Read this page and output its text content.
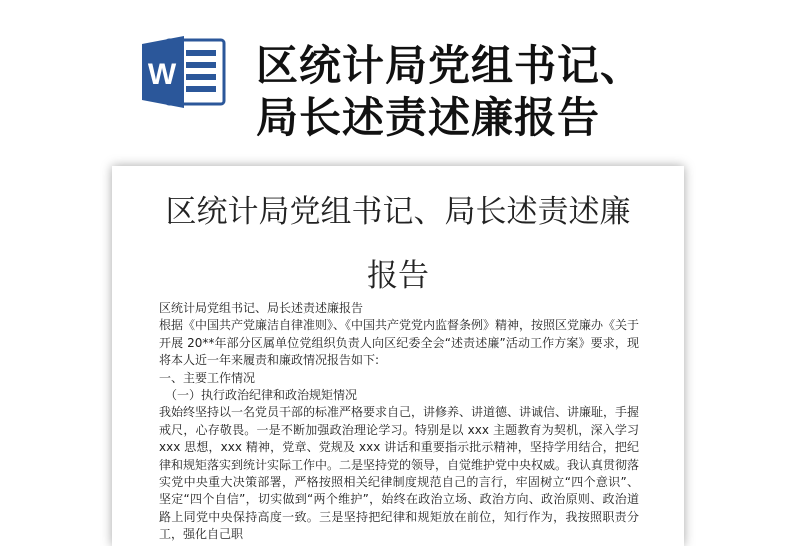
W 区统计局党组书记、
局长述责述廉报告
区统计局党组书记、局长述责述廉
报告

区统计局党组书记、局长述责述廉报告

根据《中国共产党廉洁自律准则》、《中国共产党党内监督条例》精神，按照区党廉办《关于开展 20**年部分区属单位党组织负责人向区纪委全会“述责述廉”活动工作方案》要求，现将本人近一年来履责和廉政情况报告如下:

一、主要工作情况

（一）执行政治纪律和政治规矩情况

我始终坚持以一名党员干部的标准严格要求自己，讲修养、讲道德、讲诚信、讲廉耻，手握戒尺，心存敬畏。一是不断加强政治理论学习。特别是以 xxx 主题教育为契机，深入学习 xxx 思想，xxx 精神，党章、党规及 xxx 讲话和重要指示批示精神，坚持学用结合，把纪律和规矩落实到统计实际工作中。二是坚持党的领导，自觉维护党中央权威。我认真贯彻落实党中央重大决策部署，严格按照相关纪律制度规范自己的言行，牢固树立“四个意识”、坚定“四个自信”，切实做到“两个维护”，始终在政治立场、政治方向、政治原则、政治道路上同党中央保持高度一致。三是坚持把纪律和规矩放在前位，知行作为，我按照职责分工，强化自己职
